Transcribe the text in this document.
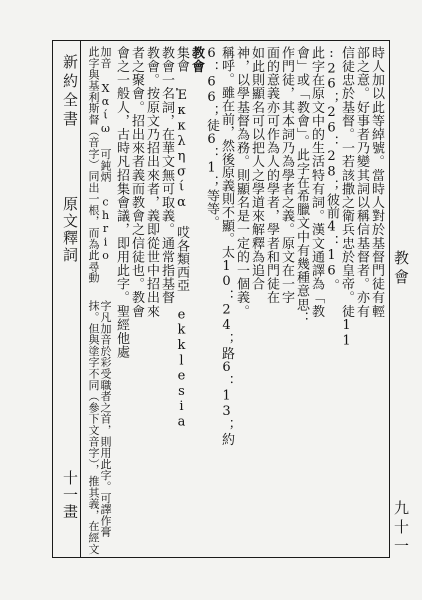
新約全書
原文釋詞
十一畫
教會
九十一
時人加以此等綽號。當時人對於基督門徒有輕
部之意。好事者乃變其詞以稱信基督者。亦有
信徒忠於基督。一若該撒之衛兵忠於皇帝。徒11
:26；26：28；彼前4：16。
此字在原文中的生活特有詞。漢文通譯為「教
會」或「教會」。此字在希臘文中有幾種意思：
作門徒，其本詞乃為學者之義。原文在一字
面的意義亦可作為人的學者，學者和門徒在
如此則顯名可以把人之學道來解釋為追合
神，以學基督為務。則顯名是一定的一個義。
稱呼。雖在前，然後原義則不顯。太10：24；路6：13；約
6：66；徒6：1；等等。
教會
集會 Ἐκκλησία 哎各類西亞 ekklesia
教會一名詞，在華文無可取義。通常指基督
教會。按原文乃招出來者，義即從世中招出來
者之聚會。招出來者義而教會之信徒也。教會
會之一般人，古時凡招集會議，即用此字。聖經他處
加音 Χαίω 可鈍炳 chrio
此字與基利斯督（音字）同出一根，而為此尋動
字凡加音於彩受職者之首，則用此字。可譯作膏
抹。但與塗字不同（參下文音字），推其義，在經文
